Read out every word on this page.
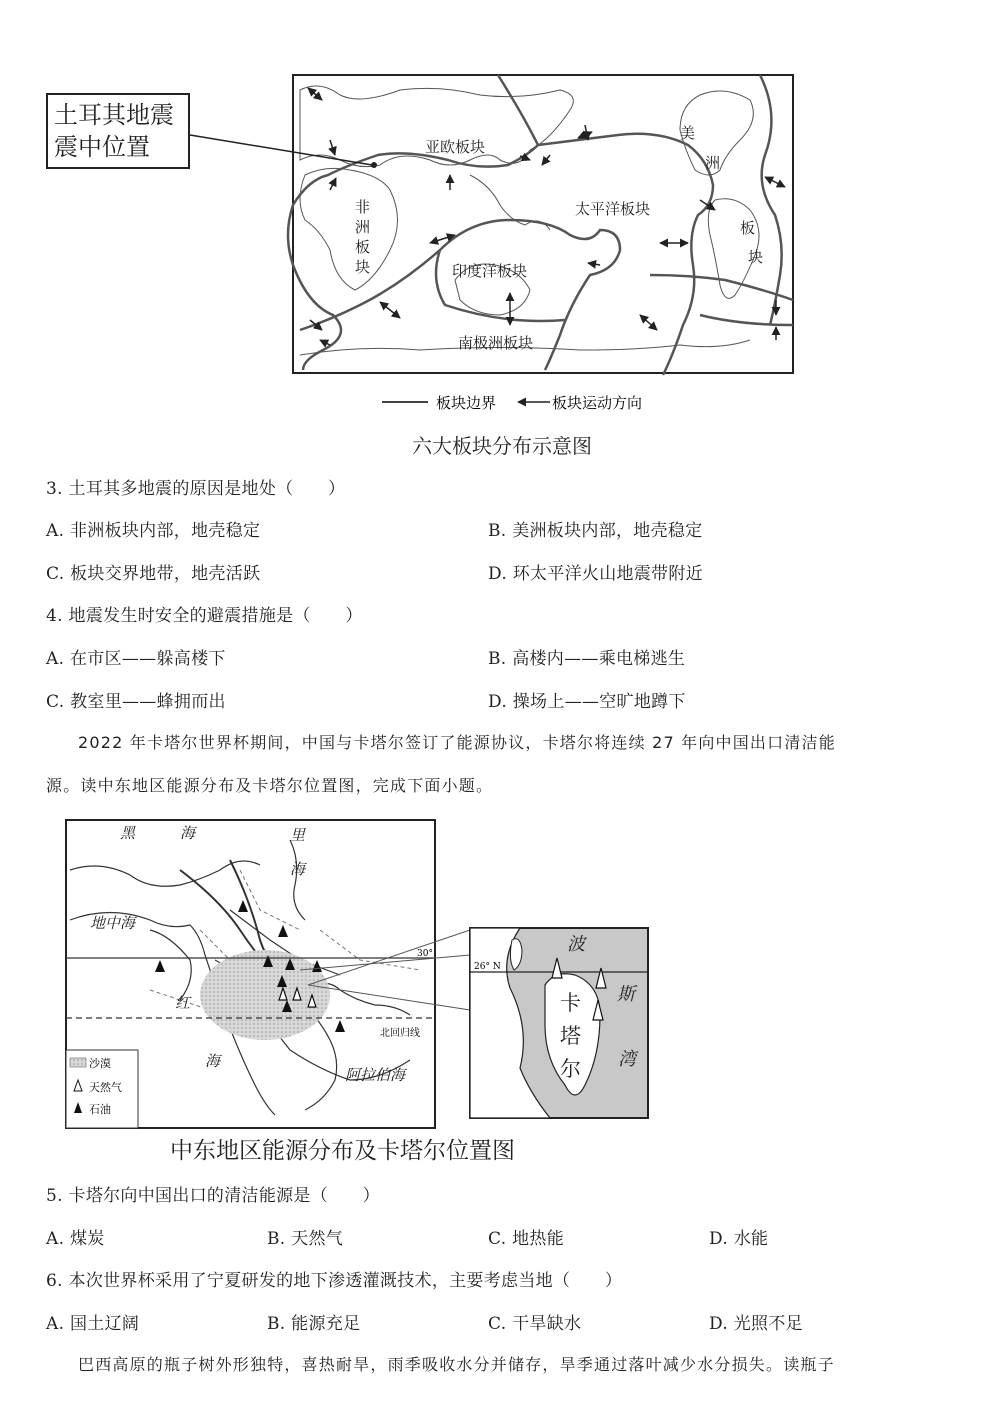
亚欧板块
美
洲
板
块
非
洲
板
块
太平洋板块
印度洋板块
南极洲板块
板块边界	板块运动方向
土耳其地震
震中位置
六大板块分布示意图
3. 土耳其多地震的原因是地处（　　）
A. 非洲板块内部，地壳稳定	B. 美洲板块内部，地壳稳定
C. 板块交界地带，地壳活跃	D. 环太平洋火山地震带附近
4. 地震发生时安全的避震措施是（　　）
A. 在市区——躲高楼下	B. 高楼内——乘电梯逃生
C. 教室里——蜂拥而出	D. 操场上——空旷地蹲下
2022 年卡塔尔世界杯期间，中国与卡塔尔签订了能源协议，卡塔尔将连续 27 年向中国出口清洁能
源。读中东地区能源分布及卡塔尔位置图，完成下面小题。
30°
北回归线
黑	海	里
海
地中海
红
海
阿拉伯海
沙漠
天然气
石油
26° N
波
斯
湾
卡
塔
尔
中东地区能源分布及卡塔尔位置图
5. 卡塔尔向中国出口的清洁能源是（　　）
A. 煤炭	B. 天然气	C. 地热能	D. 水能
6. 本次世界杯采用了宁夏研发的地下渗透灌溉技术，主要考虑当地（　　）
A. 国土辽阔	B. 能源充足	C. 干旱缺水	D. 光照不足
巴西高原的瓶子树外形独特，喜热耐旱，雨季吸收水分并储存，旱季通过落叶减少水分损失。读瓶子
